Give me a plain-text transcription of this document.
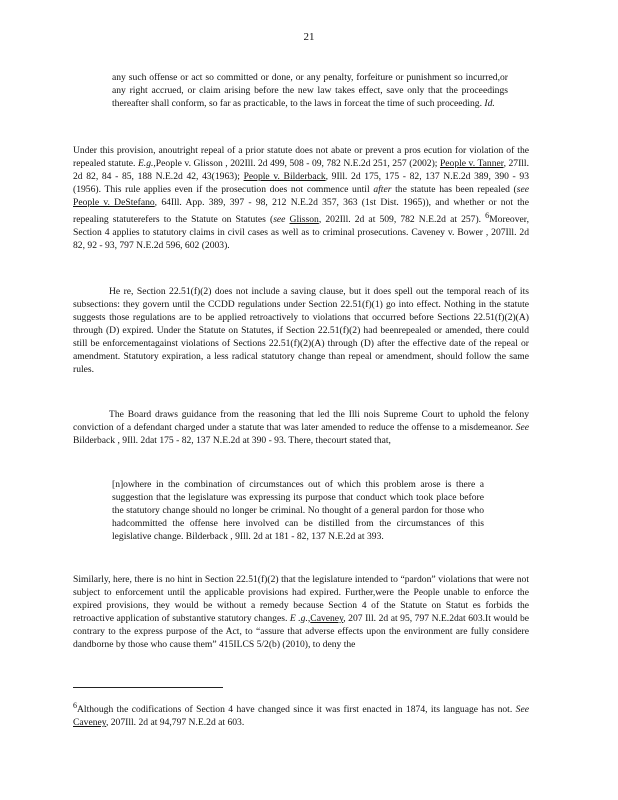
21

any such offense or act so committed or done, or any penalty, forfeiture or punishment so incurred,or any right accrued, or claim arising before the new law takes effect, save only that the proceedings thereafter shall conform, so far as practicable, to the laws in forceat the time of such proceeding. Id.

Under this provision, anoutright repeal of a prior statute does not abate or prevent a pros ecution for violation of the repealed statute. E.g.,People v. Glisson , 202Ill. 2d 499, 508 - 09, 782 N.E.2d 251, 257 (2002); People v. Tanner, 27Ill. 2d 82, 84 - 85, 188 N.E.2d 42, 43(1963); People v. Bilderback, 9Ill. 2d 175, 175 - 82, 137 N.E.2d 389, 390 - 93 (1956). This rule applies even if the prosecution does not commence until after the statute has been repealed (see People v. DeStefano, 64Ill. App. 389, 397 - 98, 212 N.E.2d 357, 363 (1st Dist. 1965)), and whether or not the repealing statuterefers to the Statute on Statutes (see Glisson, 202Ill. 2d at 509, 782 N.E.2d at 257). $^6$Moreover, Section 4 applies to statutory claims in civil cases as well as to criminal prosecutions. Caveney v. Bower , 207Ill. 2d 82, 92 - 93, 797 N.E.2d 596, 602 (2003).

He re, Section 22.51(f)(2) does not include a saving clause, but it does spell out the temporal reach of its subsections: they govern until the CCDD regulations under Section 22.51(f)(1) go into effect. Nothing in the statute suggests those regulations are to be applied retroactively to violations that occurred before Sections 22.51(f)(2)(A) through (D) expired. Under the Statute on Statutes, if Section 22.51(f)(2) had beenrepealed or amended, there could still be enforcementagainst violations of Sections 22.51(f)(2)(A) through (D) after the effective date of the repeal or amendment. Statutory expiration, a less radical statutory change than repeal or amendment, should follow the same rules.

The Board draws guidance from the reasoning that led the Illi nois Supreme Court to uphold the felony conviction of a defendant charged under a statute that was later amended to reduce the offense to a misdemeanor. See Bilderback , 9Ill. 2dat 175 - 82, 137 N.E.2d at 390 - 93. There, thecourt stated that,

[n]owhere in the combination of circumstances out of which this problem arose is there a suggestion that the legislature was expressing its purpose that conduct which took place before the statutory change should no longer be criminal. No thought of a general pardon for those who hadcommitted the offense here involved can be distilled from the circumstances of this legislative change. Bilderback , 9Ill. 2d at 181 - 82, 137 N.E.2d at 393.

Similarly, here, there is no hint in Section 22.51(f)(2) that the legislature intended to “pardon” violations that were not subject to enforcement until the applicable provisions had expired. Further,were the People unable to enforce the expired provisions, they would be without a remedy because Section 4 of the Statute on Statut es forbids the retroactive application of substantive statutory changes. E .g.,Caveney, 207 Ill. 2d at 95, 797 N.E.2dat 603.It would be contrary to the express purpose of the Act, to “assure that adverse effects upon the environment are fully considere dandborne by those who cause them” 415ILCS 5/2(b) (2010), to deny the

$^6$Although the codifications of Section 4 have changed since it was first enacted in 1874, its language has not. See Caveney, 207Ill. 2d at 94,797 N.E.2d at 603.
